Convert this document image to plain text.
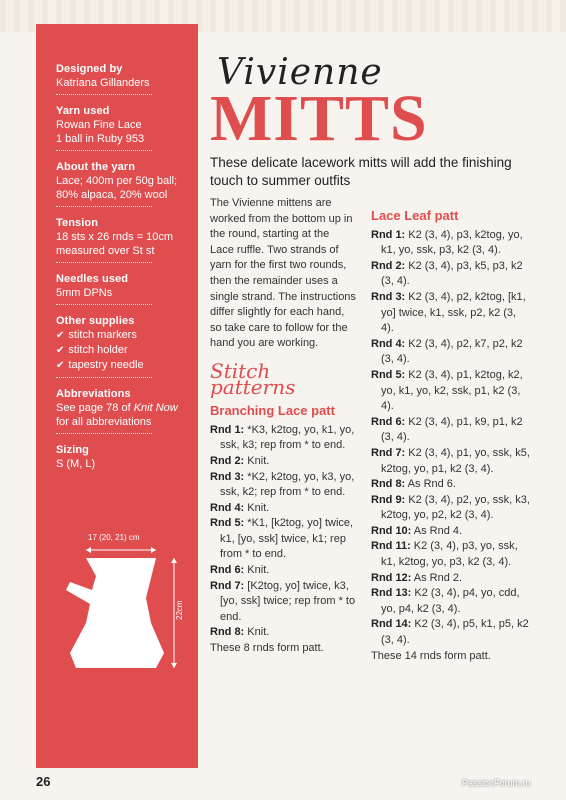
Designed by
Katriana Gillanders
Yarn used
Rowan Fine Lace
1 ball in Ruby 953
About the yarn
Lace; 400m per 50g ball;
80% alpaca, 20% wool
Tension
18 sts x 26 rnds = 10cm
measured over St st
Needles used
5mm DPNs
Other supplies
✔ stitch markers
✔ stitch holder
✔ tapestry needle
Abbreviations
See page 78 of Knit Now
for all abbreviations
Sizing
S (M, L)
17 (20, 21) cm
22cm
Vivienne
MITTS
These delicate lacework mitts will add the finishing touch to summer outfits
The Vivienne mittens are worked from the bottom up in the round, starting at the Lace ruffle. Two strands of yarn for the first two rounds, then the remainder uses a single strand. The instructions differ slightly for each hand, so take care to follow for the hand you are working.
Stitch patterns
Branching Lace patt
Rnd 1: *K3, k2tog, yo, k1, yo, ssk, k3; rep from * to end.
Rnd 2: Knit.
Rnd 3: *K2, k2tog, yo, k3, yo, ssk, k2; rep from * to end.
Rnd 4: Knit.
Rnd 5: *K1, [k2tog, yo] twice, k1, [yo, ssk] twice, k1; rep from * to end.
Rnd 6: Knit.
Rnd 7: [K2tog, yo] twice, k3, [yo, ssk] twice; rep from * to end.
Rnd 8: Knit.
These 8 rnds form patt.
Lace Leaf patt
Rnd 1: K2 (3, 4), p3, k2tog, yo, k1, yo, ssk, p3, k2 (3, 4).
Rnd 2: K2 (3, 4), p3, k5, p3, k2 (3, 4).
Rnd 3: K2 (3, 4), p2, k2tog, [k1, yo] twice, k1, ssk, p2, k2 (3, 4).
Rnd 4: K2 (3, 4), p2, k7, p2, k2 (3, 4).
Rnd 5: K2 (3, 4), p1, k2tog, k2, yo, k1, yo, k2, ssk, p1, k2 (3, 4).
Rnd 6: K2 (3, 4), p1, k9, p1, k2 (3, 4).
Rnd 7: K2 (3, 4), p1, yo, ssk, k5, k2tog, yo, p1, k2 (3, 4).
Rnd 8: As Rnd 6.
Rnd 9: K2 (3, 4), p2, yo, ssk, k3, k2tog, yo, p2, k2 (3, 4).
Rnd 10: As Rnd 4.
Rnd 11: K2 (3, 4), p3, yo, ssk, k1, k2tog, yo, p3, k2 (3, 4).
Rnd 12: As Rnd 2.
Rnd 13: K2 (3, 4), p4, yo, cdd, yo, p4, k2 (3, 4).
Rnd 14: K2 (3, 4), p5, k1, p5, k2 (3, 4).
These 14 rnds form patt.
26	PassionForum.ru
